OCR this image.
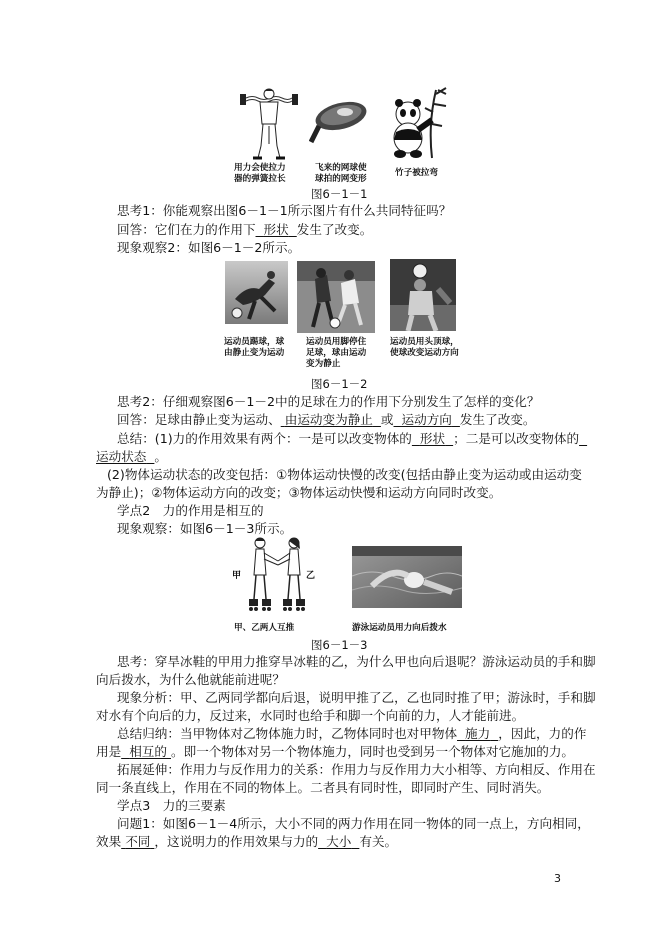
用力会使拉力器的弹簧拉长
飞来的网球使球拍的网变形
竹子被拉弯
图6－1－1
思考1：你能观察出图6－1－1所示图片有什么共同特征吗？
回答：它们在力的作用下 形状 发生了改变。
现象观察2：如图6－1－2所示。
运动员踢球，球
由静止变为运动
运动员用脚停住
足球，球由运动
变为静止
运动员用头顶球，
使球改变运动方向
图6－1－2
思考2：仔细观察图6－1－2中的足球在力的作用下分别发生了怎样的变化？
回答：足球由静止变为运动、 由运动变为静止 或 运动方向 发生了改变。
总结：(1)力的作用效果有两个：一是可以改变物体的 形状 ；二是可以改变物体的
运动状态 。
(2)物体运动状态的改变包括：①物体运动快慢的改变(包括由静止变为运动或由运动变
为静止)；②物体运动方向的改变；③物体运动快慢和运动方向同时改变。
学点2　力的作用是相互的
现象观察：如图6－1－3所示。
甲	乙
甲、乙两人互推	游泳运动员用力向后拨水
图6－1－3
思考：穿旱冰鞋的甲用力推穿旱冰鞋的乙，为什么甲也向后退呢？游泳运动员的手和脚
向后拨水，为什么他就能前进呢？
现象分析：甲、乙两同学都向后退，说明甲推了乙，乙也同时推了甲；游泳时，手和脚
对水有个向后的力，反过来，水同时也给手和脚一个向前的力，人才能前进。
总结归纳：当甲物体对乙物体施力时，乙物体同时也对甲物体 施力 ，因此，力的作
用是 相互的 。即一个物体对另一个物体施力，同时也受到另一个物体对它施加的力。
拓展延伸：作用力与反作用力的关系：作用力与反作用力大小相等、方向相反、作用在
同一条直线上，作用在不同的物体上。二者具有同时性，即同时产生、同时消失。
学点3　力的三要素
问题1：如图6－1－4所示，大小不同的两力作用在同一物体的同一点上，方向相同，
效果 不同 ，这说明力的作用效果与力的 大小 有关。
3
